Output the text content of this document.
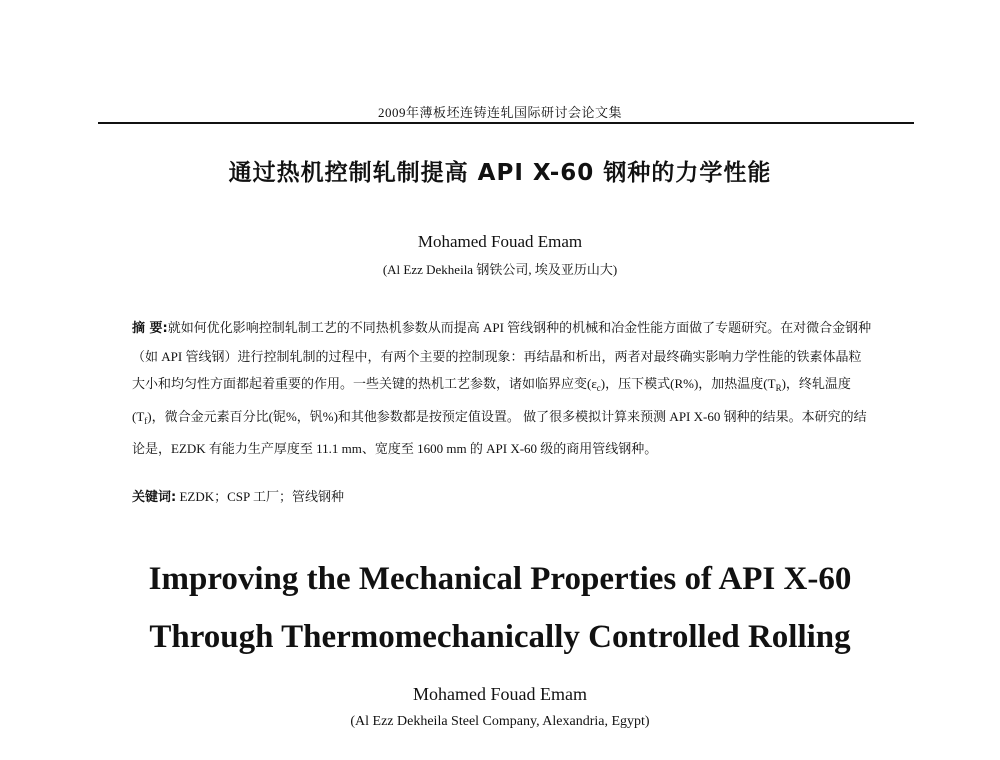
2009年薄板坯连铸连轧国际研讨会论文集
通过热机控制轧制提高 API X-60 钢种的力学性能
Mohamed Fouad Emam
(Al Ezz Dekheila 钢铁公司, 埃及亚历山大)

摘 要:就如何优化影响控制轧制工艺的不同热机参数从而提高 API 管线钢种的机械和冶金性能方面做了专题研究。在对微合金钢种（如 API 管线钢）进行控制轧制的过程中，有两个主要的控制现象：再结晶和析出，两者对最终确实影响力学性能的铁素体晶粒大小和均匀性方面都起着重要的作用。一些关键的热机工艺参数，诸如临界应变$(\varepsilon_c)$，压下模式(R%)，加热温度$(T_R)$，终轧温度$(T_f)$，微合金元素百分比(铌%，钒%)和其他参数都是按预定值设置。 做了很多模拟计算来预测 API X-60 钢种的结果。本研究的结论是，EZDK 有能力生产厚度至 11.1 mm、宽度至 1600 mm 的 API X-60 级的商用管线钢种。

关键词: EZDK；CSP 工厂；管线钢种
Improving the Mechanical Properties of API X-60
Through Thermomechanically Controlled Rolling
Mohamed Fouad Emam
(Al Ezz Dekheila Steel Company, Alexandria, Egypt)
